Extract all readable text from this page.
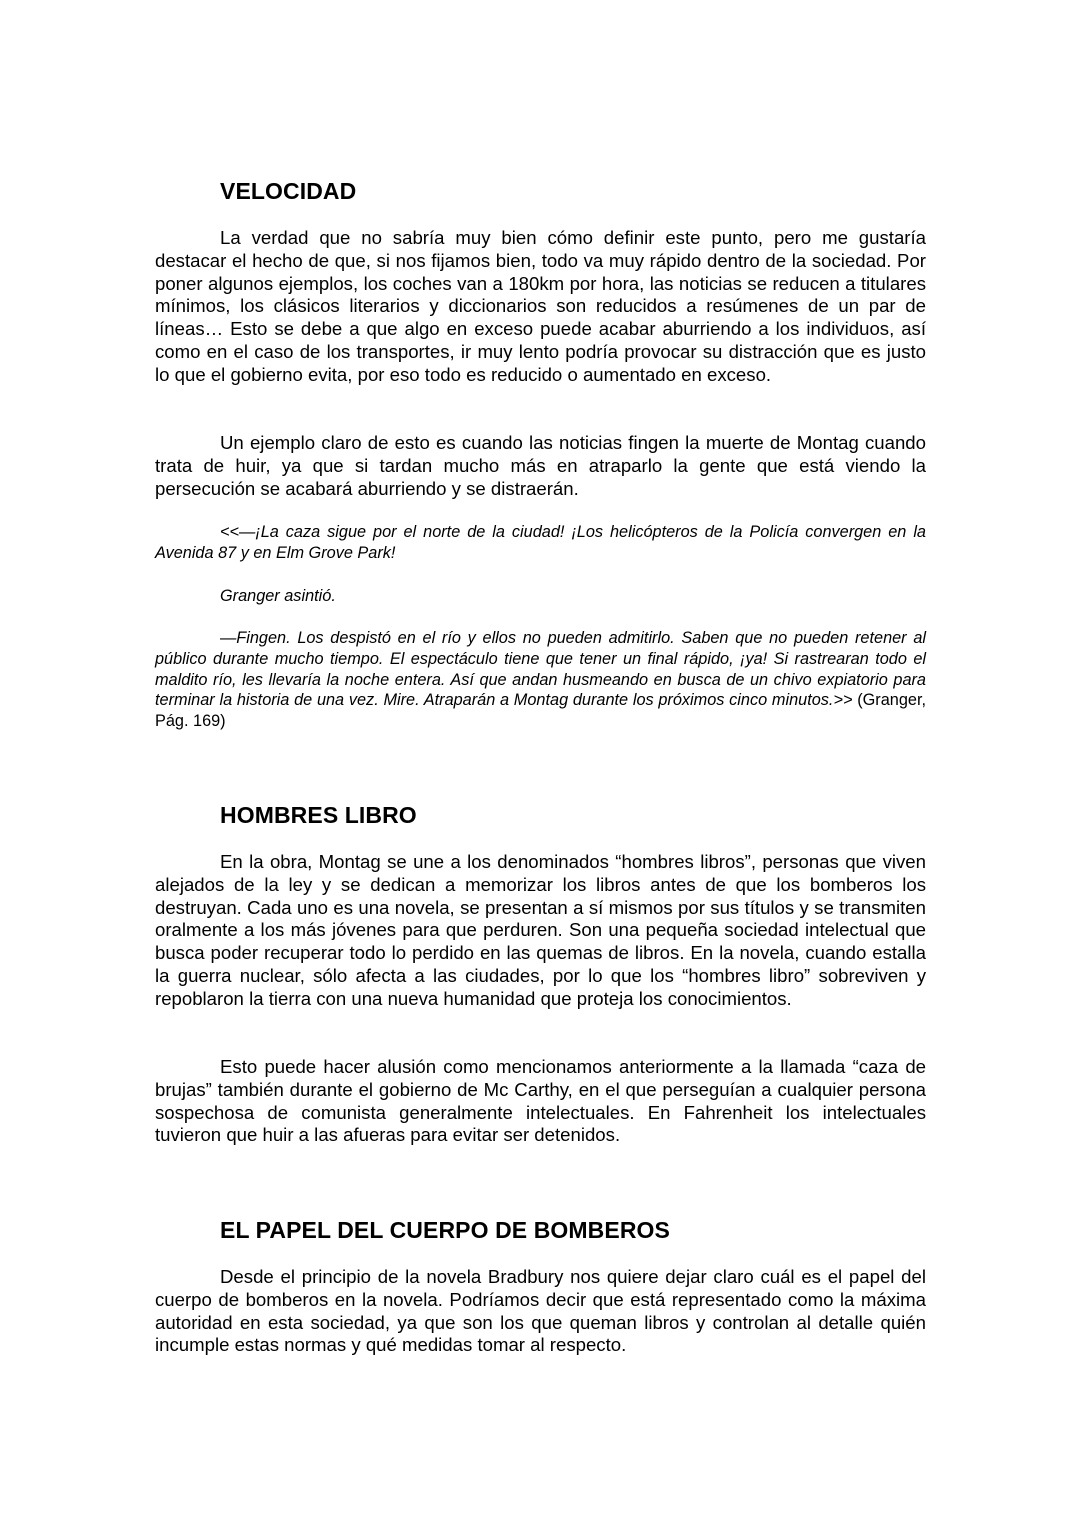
VELOCIDAD

La verdad que no sabría muy bien cómo definir este punto, pero me gustaría destacar el hecho de que, si nos fijamos bien, todo va muy rápido dentro de la sociedad. Por poner algunos ejemplos, los coches van a 180km por hora, las noticias se reducen a titulares mínimos, los clásicos literarios y diccionarios son reducidos a resúmenes de un par de líneas… Esto se debe a que algo en exceso puede acabar aburriendo a los individuos, así como en el caso de los transportes, ir muy lento podría provocar su distracción que es justo lo que el gobierno evita, por eso todo es reducido o aumentado en exceso.

Un ejemplo claro de esto es cuando las noticias fingen la muerte de Montag cuando trata de huir, ya que si tardan mucho más en atraparlo la gente que está viendo la persecución se acabará aburriendo y se distraerán.

<<—¡La caza sigue por el norte de la ciudad! ¡Los helicópteros de la Policía convergen en la Avenida 87 y en Elm Grove Park!

Granger asintió.

—Fingen. Los despistó en el río y ellos no pueden admitirlo. Saben que no pueden retener al público durante mucho tiempo. El espectáculo tiene que tener un final rápido, ¡ya! Si rastrearan todo el maldito río, les llevaría la noche entera. Así que andan husmeando en busca de un chivo expiatorio para terminar la historia de una vez. Mire. Atraparán a Montag durante los próximos cinco minutos.>> (Granger, Pág. 169)

HOMBRES LIBRO

En la obra, Montag se une a los denominados “hombres libros”, personas que viven alejados de la ley y se dedican a memorizar los libros antes de que los bomberos los destruyan. Cada uno es una novela, se presentan a sí mismos por sus títulos y se transmiten oralmente a los más jóvenes para que perduren. Son una pequeña sociedad intelectual que busca poder recuperar todo lo perdido en las quemas de libros. En la novela, cuando estalla la guerra nuclear, sólo afecta a las ciudades, por lo que los “hombres libro” sobreviven y repoblaron la tierra con una nueva humanidad que proteja los conocimientos.

Esto puede hacer alusión como mencionamos anteriormente a la llamada “caza de brujas” también durante el gobierno de Mc Carthy, en el que perseguían a cualquier persona sospechosa de comunista generalmente intelectuales. En Fahrenheit los intelectuales tuvieron que huir a las afueras para evitar ser detenidos.

EL PAPEL DEL CUERPO DE BOMBEROS

Desde el principio de la novela Bradbury nos quiere dejar claro cuál es el papel del cuerpo de bomberos en la novela. Podríamos decir que está representado como la máxima autoridad en esta sociedad, ya que son los que queman libros y controlan al detalle quién incumple estas normas y qué medidas tomar al respecto.
